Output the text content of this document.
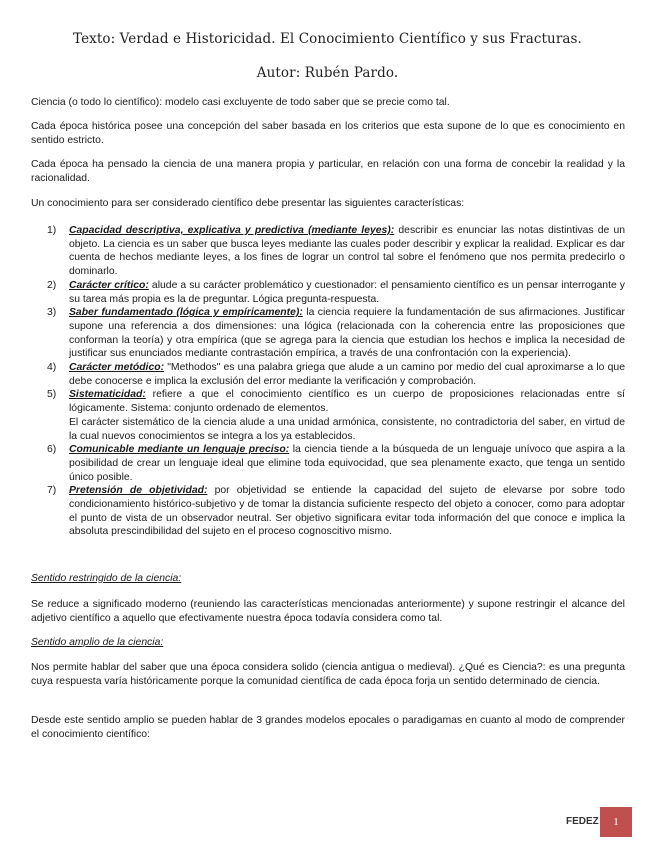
Texto: Verdad e Historicidad. El Conocimiento Científico y sus Fracturas.
Autor: Rubén Pardo.

Ciencia (o todo lo científico): modelo casi excluyente de todo saber que se precie como tal.

Cada época histórica posee una concepción del saber basada en los criterios que esta supone de lo que es conocimiento en sentido estricto.

Cada época ha pensado la ciencia de una manera propia y particular, en relación con una forma de concebir la realidad y la racionalidad.

Un conocimiento para ser considerado científico debe presentar las siguientes características:

1) Capacidad descriptiva, explicativa y predictiva (mediante leyes): describir es enunciar las notas distintivas de un objeto. La ciencia es un saber que busca leyes mediante las cuales poder describir y explicar la realidad. Explicar es dar cuenta de hechos mediante leyes, a los fines de lograr un control tal sobre el fenómeno que nos permita predecirlo o dominarlo.
2) Carácter crítico: alude a su carácter problemático y cuestionador: el pensamiento científico es un pensar interrogante y su tarea más propia es la de preguntar. Lógica pregunta-respuesta.
3) Saber fundamentado (lógica y empíricamente): la ciencia requiere la fundamentación de sus afirmaciones. Justificar supone una referencia a dos dimensiones: una lógica (relacionada con la coherencia entre las proposiciones que conforman la teoría) y otra empírica (que se agrega para la ciencia que estudian los hechos e implica la necesidad de justificar sus enunciados mediante contrastación empírica, a través de una confrontación con la experiencia).
4) Carácter metódico: "Methodos" es una palabra griega que alude a un camino por medio del cual aproximarse a lo que debe conocerse e implica la exclusión del error mediante la verificación y comprobación.
5) Sistematicidad: refiere a que el conocimiento científico es un cuerpo de proposiciones relacionadas entre sí lógicamente. Sistema: conjunto ordenado de elementos.
El carácter sistemático de la ciencia alude a una unidad armónica, consistente, no contradictoria del saber, en virtud de la cual nuevos conocimientos se integra a los ya establecidos.
6) Comunicable mediante un lenguaje preciso: la ciencia tiende a la búsqueda de un lenguaje unívoco que aspira a la posibilidad de crear un lenguaje ideal que elimine toda equivocidad, que sea plenamente exacto, que tenga un sentido único posible.
7) Pretensión de objetividad: por objetividad se entiende la capacidad del sujeto de elevarse por sobre todo condicionamiento histórico-subjetivo y de tomar la distancia suficiente respecto del objeto a conocer, como para adoptar el punto de vista de un observador neutral. Ser objetivo significara evitar toda información del que conoce e implica la absoluta prescindibilidad del sujeto en el proceso cognoscitivo mismo.

Sentido restringido de la ciencia:

Se reduce a significado moderno (reuniendo las características mencionadas anteriormente) y supone restringir el alcance del adjetivo científico a aquello que efectivamente nuestra época todavía considera como tal.

Sentido amplio de la ciencia:

Nos permite hablar del saber que una época considera solido (ciencia antigua o medieval). ¿Qué es Ciencia?: es una pregunta cuya respuesta varía históricamente porque la comunidad científica de cada época forja un sentido determinado de ciencia.

Desde este sentido amplio se pueden hablar de 3 grandes modelos epocales o paradigamas en cuanto al modo de comprender el conocimiento científico:

FEDEZ	1
